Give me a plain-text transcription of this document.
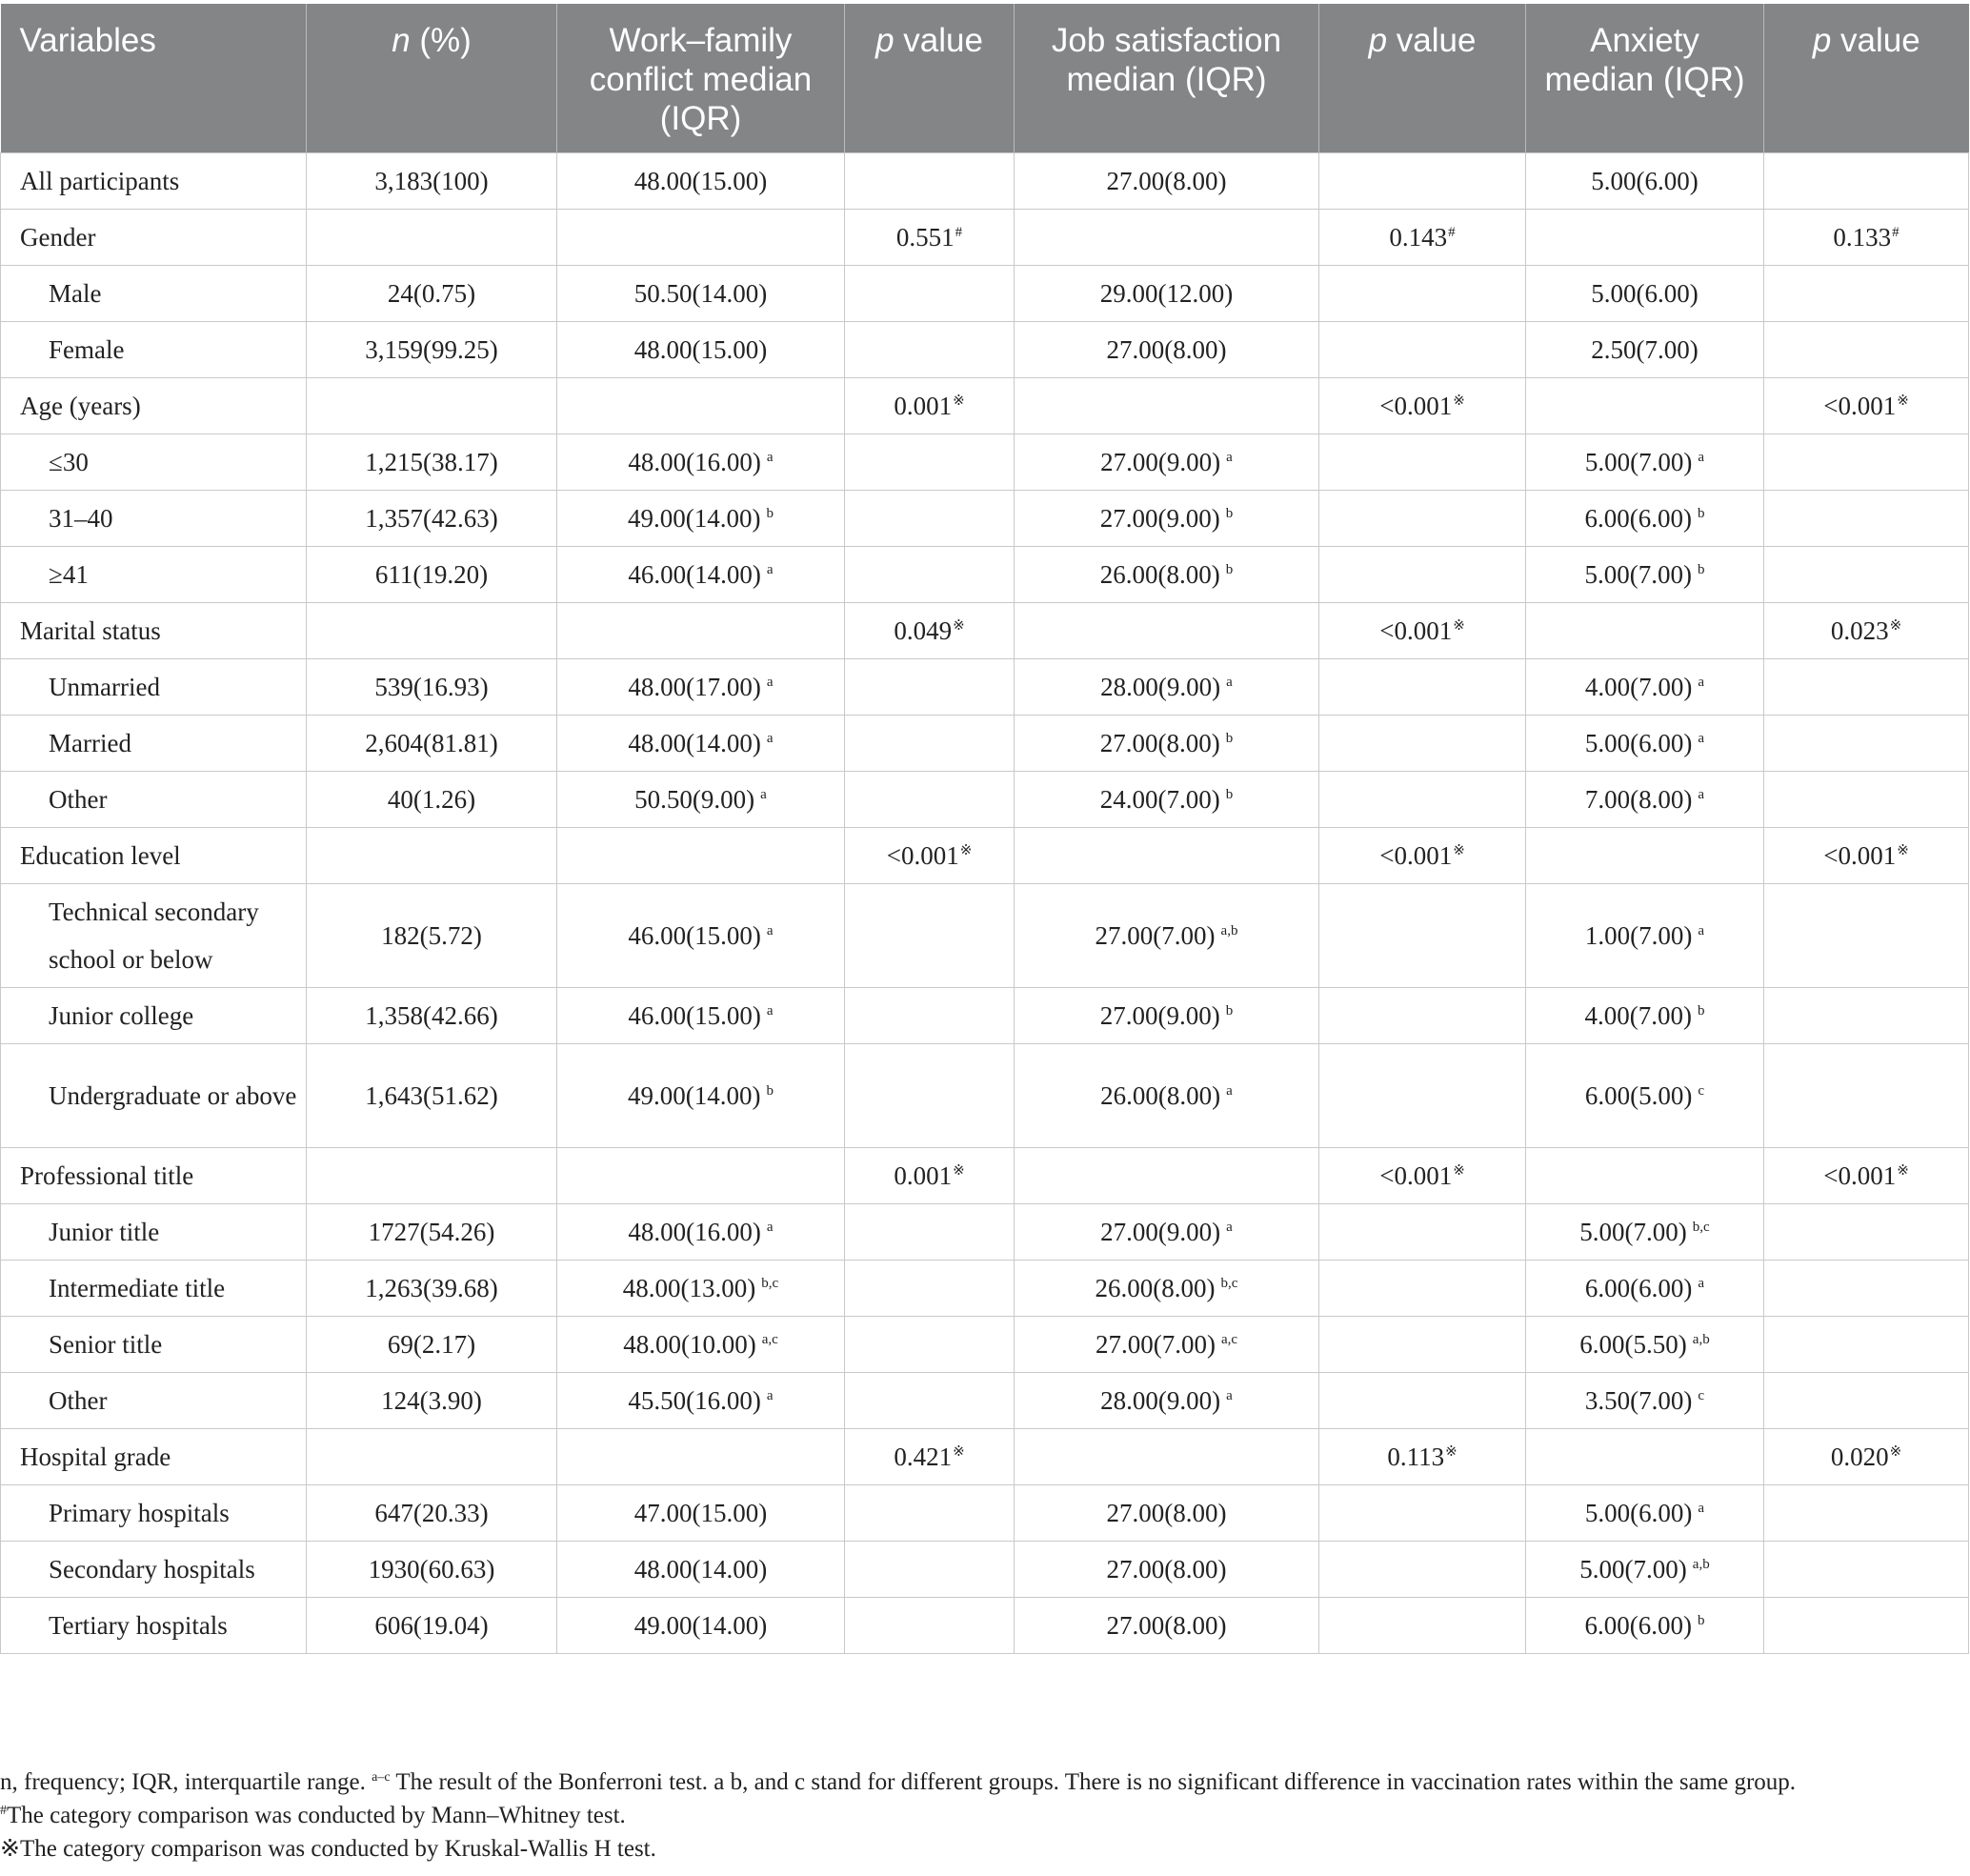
Variables	n (%)	Work–family conflict median (IQR)	p value	Job satisfaction median (IQR)	p value	Anxiety median (IQR)	p value
All participants	3,183(100)	48.00(15.00)		27.00(8.00)		5.00(6.00)	
Gender			0.551#		0.143#		0.133#
Male	24(0.75)	50.50(14.00)		29.00(12.00)		5.00(6.00)	
Female	3,159(99.25)	48.00(15.00)		27.00(8.00)		2.50(7.00)	
Age (years)			0.001※		<0.001※		<0.001※
≤30	1,215(38.17)	48.00(16.00) $^a$		27.00(9.00) $^a$		5.00(7.00) $^a$	
31–40	1,357(42.63)	49.00(14.00) $^b$		27.00(9.00) $^b$		6.00(6.00) $^b$	
≥41	611(19.20)	46.00(14.00) $^a$		26.00(8.00) $^b$		5.00(7.00) $^b$	
Marital status			0.049※		<0.001※		0.023※
Unmarried	539(16.93)	48.00(17.00) $^a$		28.00(9.00) $^a$		4.00(7.00) $^a$	
Married	2,604(81.81)	48.00(14.00) $^a$		27.00(8.00) $^b$		5.00(6.00) $^a$	
Other	40(1.26)	50.50(9.00) $^a$		24.00(7.00) $^b$		7.00(8.00) $^a$	
Education level			<0.001※		<0.001※		<0.001※
Technical secondary school or below	182(5.72)	46.00(15.00) $^a$		27.00(7.00) $^{a,b}$		1.00(7.00) $^a$	
Junior college	1,358(42.66)	46.00(15.00) $^a$		27.00(9.00) $^b$		4.00(7.00) $^b$	
Undergraduate or above	1,643(51.62)	49.00(14.00) $^b$		26.00(8.00) $^a$		6.00(5.00) $^c$	
Professional title			0.001※		<0.001※		<0.001※
Junior title	1727(54.26)	48.00(16.00) $^a$		27.00(9.00) $^a$		5.00(7.00) $^{b,c}$	
Intermediate title	1,263(39.68)	48.00(13.00) $^{b,c}$		26.00(8.00) $^{b,c}$		6.00(6.00) $^a$	
Senior title	69(2.17)	48.00(10.00) $^{a,c}$		27.00(7.00) $^{a,c}$		6.00(5.50) $^{a,b}$	
Other	124(3.90)	45.50(16.00) $^a$		28.00(9.00) $^a$		3.50(7.00) $^c$	
Hospital grade			0.421※		0.113※		0.020※
Primary hospitals	647(20.33)	47.00(15.00)		27.00(8.00)		5.00(6.00) $^a$	
Secondary hospitals	1930(60.63)	48.00(14.00)		27.00(8.00)		5.00(7.00) $^{a,b}$	
Tertiary hospitals	606(19.04)	49.00(14.00)		27.00(8.00)		6.00(6.00) $^b$	

n, frequency; IQR, interquartile range. $^{a-c}$ The result of the Bonferroni test. a b, and c stand for different groups. There is no significant difference in vaccination rates within the same group.

#The category comparison was conducted by Mann–Whitney test.

※The category comparison was conducted by Kruskal-Wallis H test.
